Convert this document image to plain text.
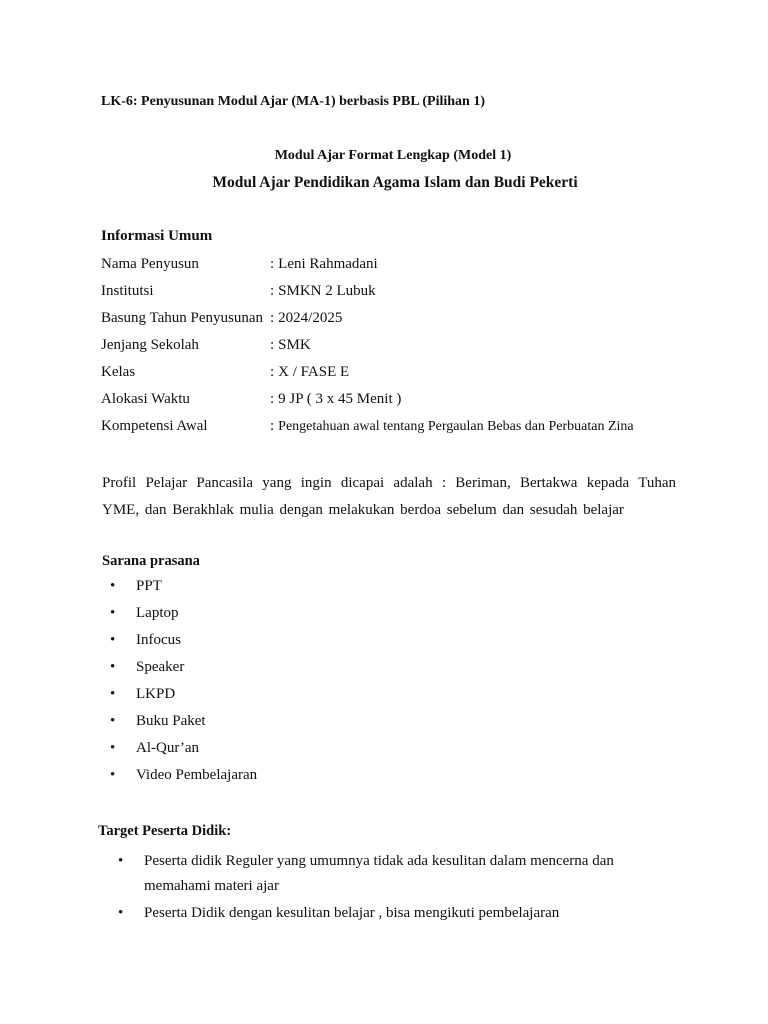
LK-6: Penyusunan Modul Ajar (MA-1) berbasis PBL (Pilihan 1)
Modul Ajar Format Lengkap (Model 1)
Modul Ajar Pendidikan Agama Islam dan Budi Pekerti
Informasi Umum
Nama Penyusun	: Leni Rahmadani
Institutsi	: SMKN 2 Lubuk
Basung Tahun Penyusunan : 2024/2025
Jenjang Sekolah	: SMK
Kelas	: X / FASE E
Alokasi Waktu	: 9 JP ( 3 x 45 Menit )
Kompetensi Awal	: Pengetahuan awal tentang Pergaulan Bebas dan Perbuatan Zina
Profil Pelajar Pancasila yang ingin dicapai adalah : Beriman, Bertakwa kepada Tuhan
YME, dan Berakhlak mulia dengan melakukan berdoa sebelum dan sesudah belajar
Sarana prasana
• PPT
• Laptop
• Infocus
• Speaker
• LKPD
• Buku Paket
• Al-Qur’an
• Video Pembelajaran
Target Peserta Didik:
• Peserta didik Reguler yang umumnya tidak ada kesulitan dalam mencerna dan memahami materi ajar
• Peserta Didik dengan kesulitan belajar , bisa mengikuti pembelajaran
